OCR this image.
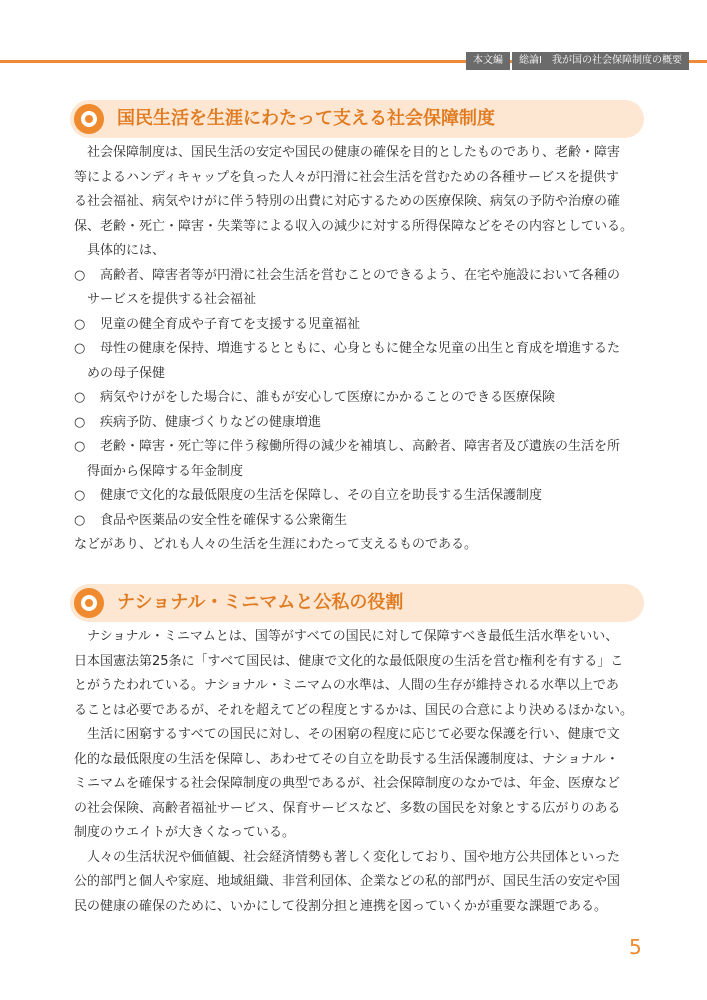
本文編	総論Ⅰ　我が国の社会保障制度の概要
国民生活を生涯にわたって支える社会保障制度
社会保障制度は、国民生活の安定や国民の健康の確保を目的としたものであり、老齢・障害
等によるハンディキャップを負った人々が円滑に社会生活を営むための各種サービスを提供す
る社会福祉、病気やけがに伴う特別の出費に対応するための医療保険、病気の予防や治療の確
保、老齢・死亡・障害・失業等による収入の減少に対する所得保障などをその内容としている。
具体的には、
○ 高齢者、障害者等が円滑に社会生活を営むことのできるよう、在宅や施設において各種の
サービスを提供する社会福祉
○ 児童の健全育成や子育てを支援する児童福祉
○ 母性の健康を保持、増進するとともに、心身ともに健全な児童の出生と育成を増進するた
めの母子保健
○ 病気やけがをした場合に、誰もが安心して医療にかかることのできる医療保険
○ 疾病予防、健康づくりなどの健康増進
○ 老齢・障害・死亡等に伴う稼働所得の減少を補填し、高齢者、障害者及び遺族の生活を所
得面から保障する年金制度
○ 健康で文化的な最低限度の生活を保障し、その自立を助長する生活保護制度
○ 食品や医薬品の安全性を確保する公衆衛生
などがあり、どれも人々の生活を生涯にわたって支えるものである。
ナショナル・ミニマムと公私の役割
ナショナル・ミニマムとは、国等がすべての国民に対して保障すべき最低生活水準をいい、
日本国憲法第25条に「すべて国民は、健康で文化的な最低限度の生活を営む権利を有する」こ
とがうたわれている。ナショナル・ミニマムの水準は、人間の生存が維持される水準以上であ
ることは必要であるが、それを超えてどの程度とするかは、国民の合意により決めるほかない。
生活に困窮するすべての国民に対し、その困窮の程度に応じて必要な保護を行い、健康で文
化的な最低限度の生活を保障し、あわせてその自立を助長する生活保護制度は、ナショナル・
ミニマムを確保する社会保障制度の典型であるが、社会保障制度のなかでは、年金、医療など
の社会保険、高齢者福祉サービス、保育サービスなど、多数の国民を対象とする広がりのある
制度のウエイトが大きくなっている。
人々の生活状況や価値観、社会経済情勢も著しく変化しており、国や地方公共団体といった
公的部門と個人や家庭、地域組織、非営利団体、企業などの私的部門が、国民生活の安定や国
民の健康の確保のために、いかにして役割分担と連携を図っていくかが重要な課題である。
5
